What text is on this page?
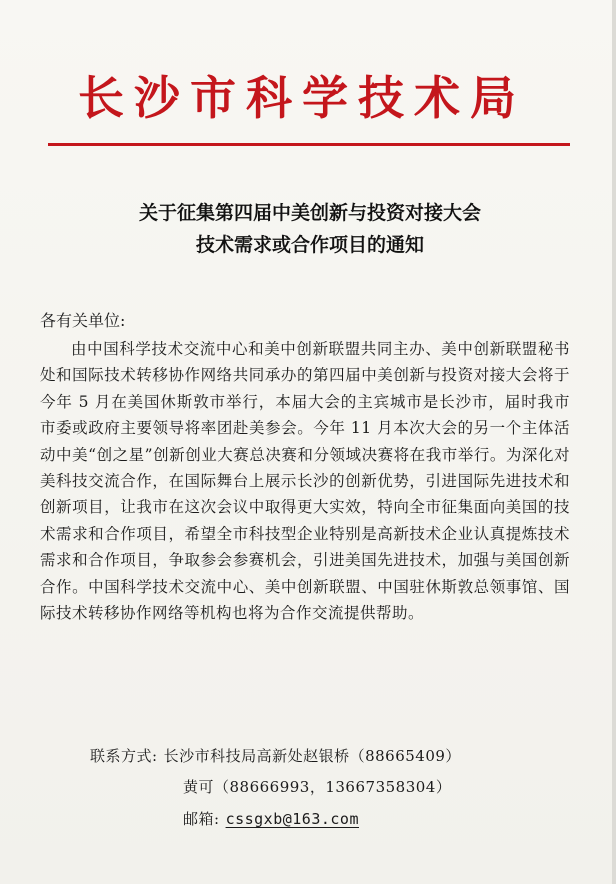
长沙市科学技术局
关于征集第四届中美创新与投资对接大会
技术需求或合作项目的通知
各有关单位:
由中国科学技术交流中心和美中创新联盟共同主办、美中创新联盟秘书处和国际技术转移协作网络共同承办的第四届中美创新与投资对接大会将于今年 5 月在美国休斯敦市举行，本届大会的主宾城市是长沙市，届时我市市委或政府主要领导将率团赴美参会。今年 11 月本次大会的另一个主体活动中美“创之星”创新创业大赛总决赛和分领域决赛将在我市举行。为深化对美科技交流合作，在国际舞台上展示长沙的创新优势，引进国际先进技术和创新项目，让我市在这次会议中取得更大实效，特向全市征集面向美国的技术需求和合作项目，希望全市科技型企业特别是高新技术企业认真提炼技术需求和合作项目，争取参会参赛机会，引进美国先进技术，加强与美国创新合作。中国科学技术交流中心、美中创新联盟、中国驻休斯敦总领事馆、国际技术转移协作网络等机构也将为合作交流提供帮助。
联系方式: 长沙市科技局高新处赵银桥（88665409）
黄可（88666993，13667358304）
邮箱: cssgxb@163.com
